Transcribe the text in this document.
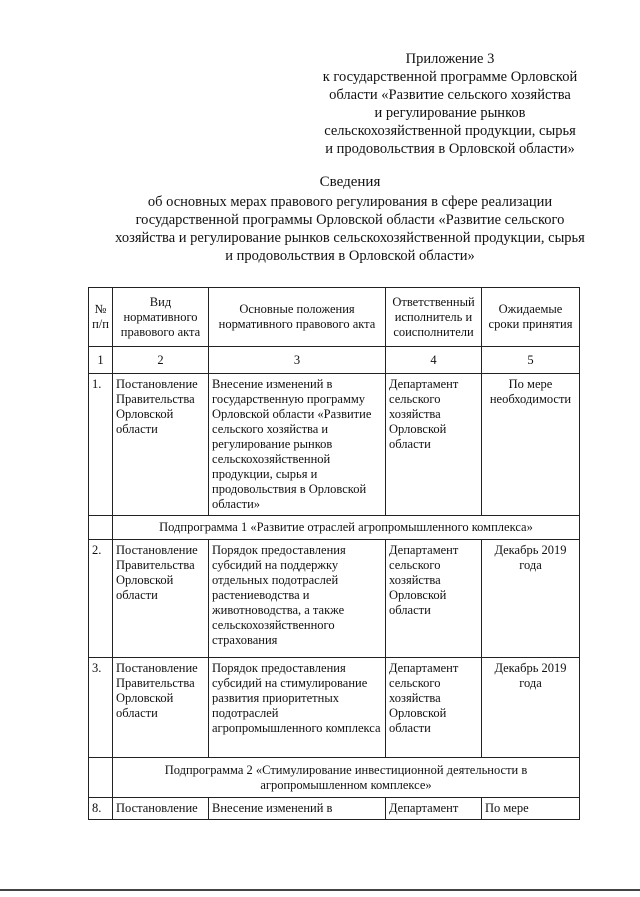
Приложение 3
к государственной программе Орловской
области «Развитие сельского хозяйства
и регулирование рынков
сельскохозяйственной продукции, сырья
и продовольствия в Орловской области»
Сведения
об основных мерах правового регулирования в сфере реализации
государственной программы Орловской области «Развитие сельского
хозяйства и регулирование рынков сельскохозяйственной продукции, сырья
и продовольствия в Орловской области»
№ п/п	Вид нормативного правового акта	Основные положения нормативного правового акта	Ответственный исполнитель и соисполнители	Ожидаемые сроки принятия
1	2	3	4	5
1.	Постановление Правительства Орловской области	Внесение изменений в государственную программу Орловской области «Развитие сельского хозяйства и регулирование рынков сельскохозяйственной продукции, сырья и продовольствия в Орловской области»	Департамент сельского хозяйства Орловской области	По мере необходимости
	Подпрограмма 1 «Развитие отраслей агропромышленного комплекса»			
2.	Постановление Правительства Орловской области	Порядок предоставления субсидий на поддержку отдельных подотраслей растениеводства и животноводства, а также сельскохозяйственного страхования	Департамент сельского хозяйства Орловской области	Декабрь 2019 года
3.	Постановление Правительства Орловской области	Порядок предоставления субсидий на стимулирование развития приоритетных подотраслей агропромышленного комплекса	Департамент сельского хозяйства Орловской области	Декабрь 2019 года
	Подпрограмма 2 «Стимулирование инвестиционной деятельности в агропромышленном комплексе»			
8.	Постановление	Внесение изменений в	Департамент	По мере
